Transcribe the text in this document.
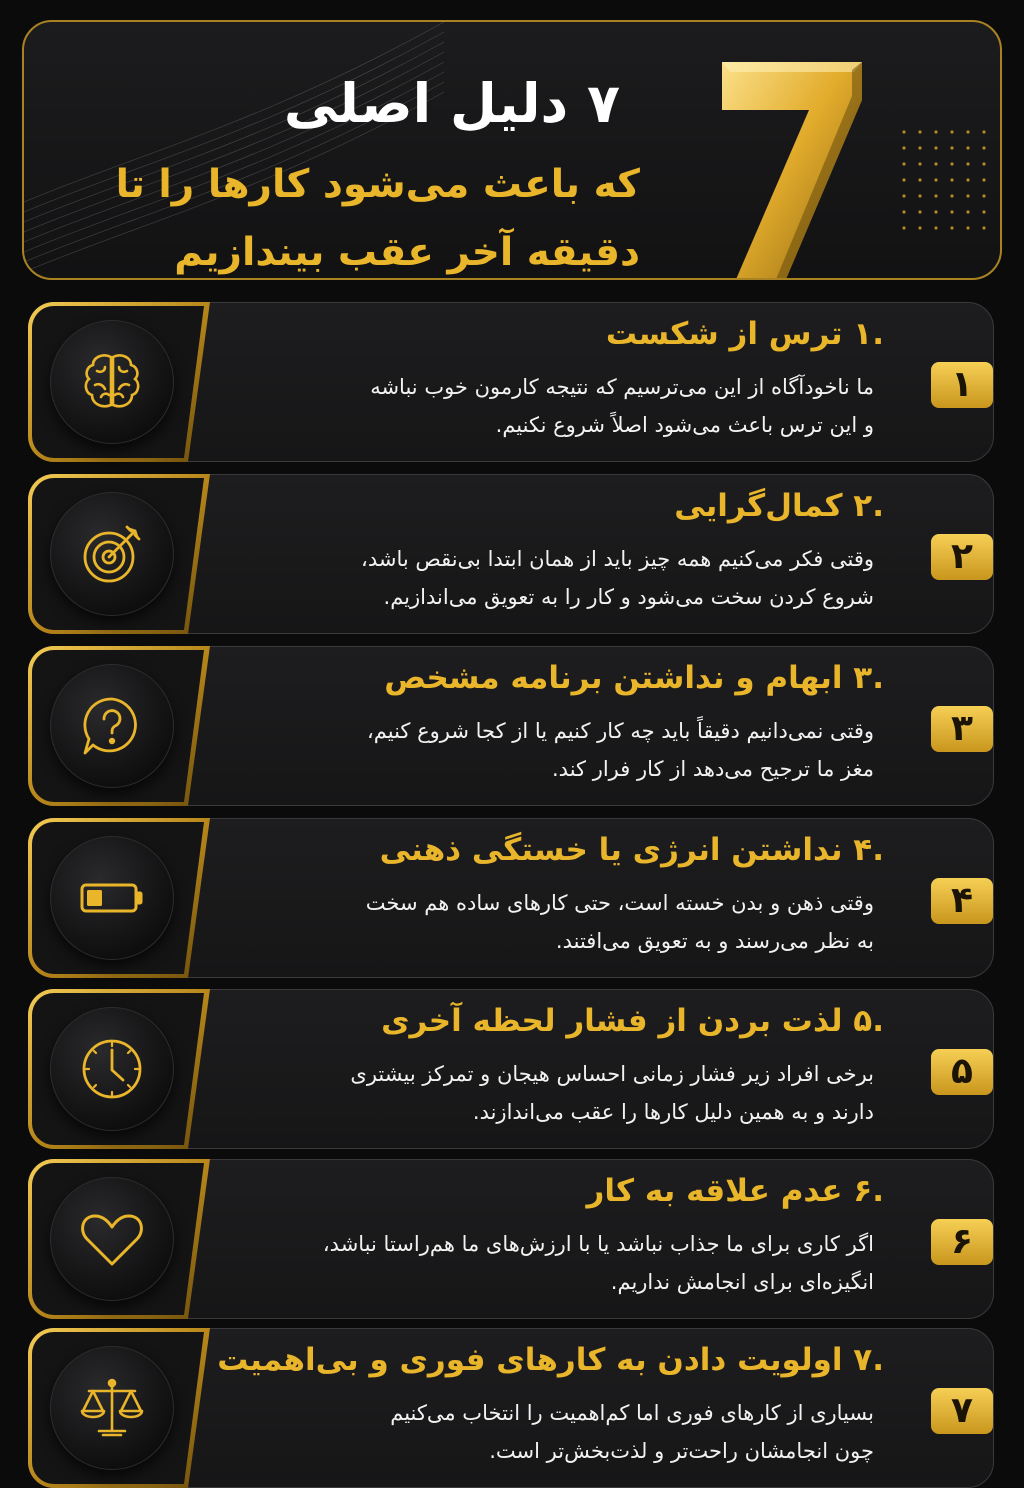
۷ دلیل اصلی
که باعث می‌شود کارها را تا
دقیقه آخر عقب بیندازیم
.۱ ترس از شکست
ما ناخودآگاه از این می‌ترسیم که نتیجه کارمون خوب نباشه
و این ترس باعث می‌شود اصلاً شروع نکنیم.
۱
.۲ کمال‌گرایی
وقتی فکر می‌کنیم همه چیز باید از همان ابتدا بی‌نقص باشد،
شروع کردن سخت می‌شود و کار را به تعویق می‌اندازیم.
۲
.۳ ابهام و نداشتن برنامه مشخص
وقتی نمی‌دانیم دقیقاً باید چه کار کنیم یا از کجا شروع کنیم،
مغز ما ترجیح می‌دهد از کار فرار کند.
۳
.۴ نداشتن انرژی یا خستگی ذهنی
وقتی ذهن و بدن خسته است، حتی کارهای ساده هم سخت
به نظر می‌رسند و به تعویق می‌افتند.
۴
.۵ لذت بردن از فشار لحظه آخری
برخی افراد زیر فشار زمانی احساس هیجان و تمرکز بیشتری
دارند و به همین دلیل کارها را عقب می‌اندازند.
۵
.۶ عدم علاقه به کار
اگر کاری برای ما جذاب نباشد یا با ارزش‌های ما هم‌راستا نباشد،
انگیزه‌ای برای انجامش نداریم.
۶
.۷ اولویت دادن به کارهای فوری و بی‌اهمیت
بسیاری از کارهای فوری اما کم‌اهمیت را انتخاب می‌کنیم
چون انجامشان راحت‌تر و لذت‌بخش‌تر است.
۷
